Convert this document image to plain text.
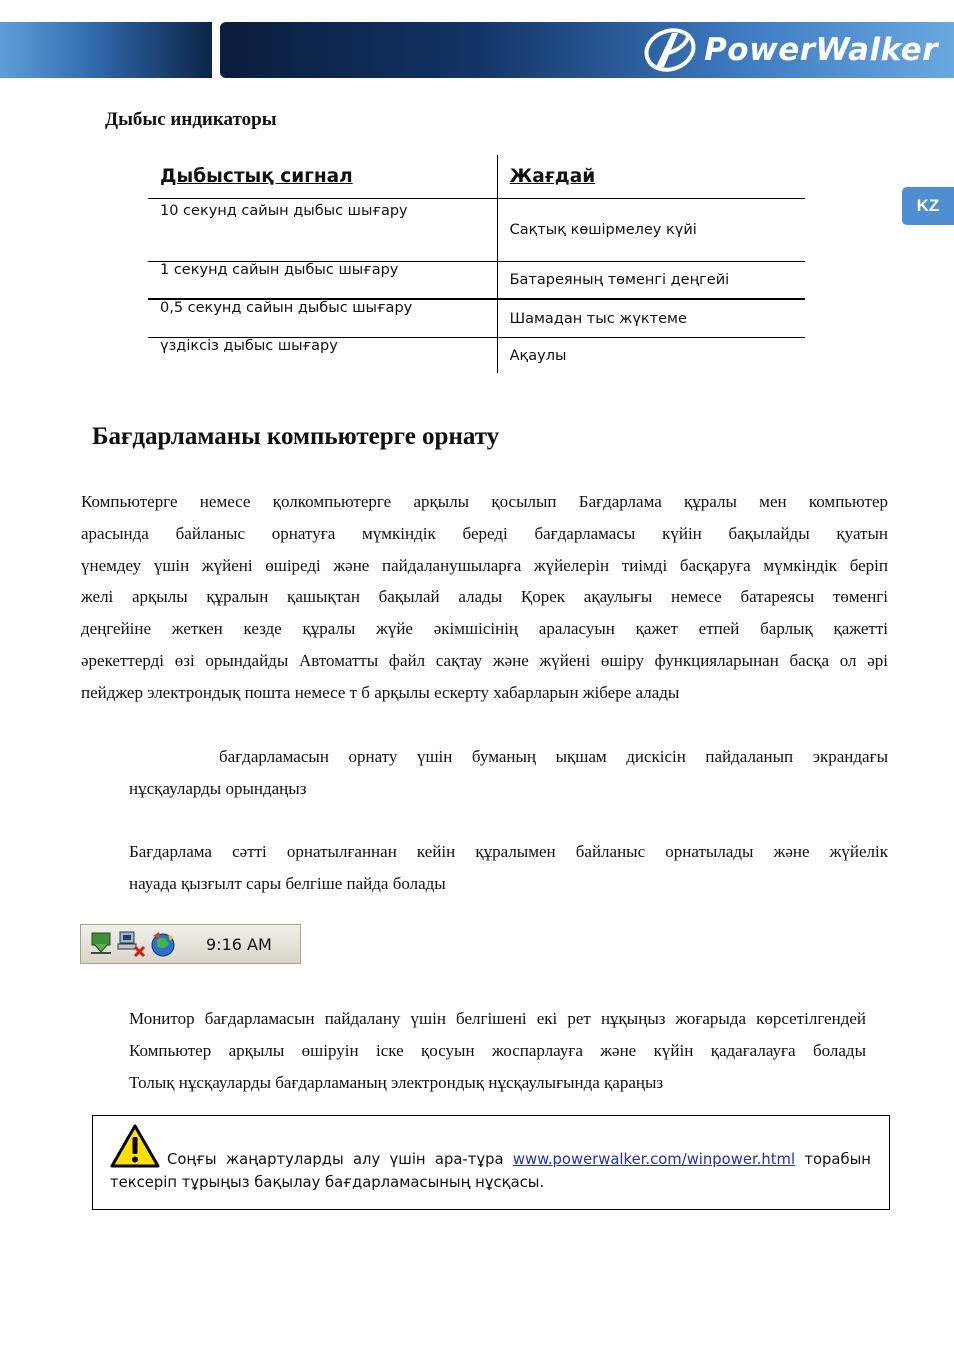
PowerWalker
KZ
Дыбыс индикаторы
Дыбыстық сигнал	Жағдай
10 секунд сайын дыбыс шығару	Сақтық көшірмелеу күйі
1 секунд сайын дыбыс шығару	Батареяның төменгі деңгейі
0,5 секунд сайын дыбыс шығару	Шамадан тыс жүктеме
үздіксіз дыбыс шығару	Ақаулы
Бағдарламаны компьютерге орнату
Компьютерге немесе қолкомпьютерге арқылы қосылып Бағдарлама құралы мен компьютер
арасында байланыс орнатуға мүмкіндік береді бағдарламасы күйін бақылайды қуатын
үнемдеу үшін жүйені өшіреді және пайдаланушыларға жүйелерін тиімді басқаруға мүмкіндік беріп
желі арқылы құралын қашықтан бақылай алады Қорек ақаулығы немесе батареясы төменгі
деңгейіне жеткен кезде құралы жүйе әкімшісінің араласуын қажет етпей барлық қажетті
әрекеттерді өзі орындайды Автоматты файл сақтау және жүйені өшіру функцияларынан басқа ол әрі
пейджер электрондық пошта немесе т б арқылы ескерту хабарларын жібере алады
бағдарламасын орнату үшін буманың ықшам дискісін пайдаланып экрандағы
нұсқауларды орындаңыз
Бағдарлама сәтті орнатылғаннан кейін құралымен байланыс орнатылады және жүйелік
науада қызғылт сары белгіше пайда болады
9:16 AM
Монитор бағдарламасын пайдалану үшін белгішені екі рет нұқыңыз жоғарыда көрсетілгендей
Компьютер арқылы өшіруін іске қосуын жоспарлауға және күйін қадағалауға болады
Толық нұсқауларды бағдарламаның электрондық нұсқаулығында қараңыз
Соңғы жаңартуларды алу үшін ара-тұра www.powerwalker.com/winpower.html торабын
тексеріп тұрыңыз бақылау бағдарламасының нұсқасы.
